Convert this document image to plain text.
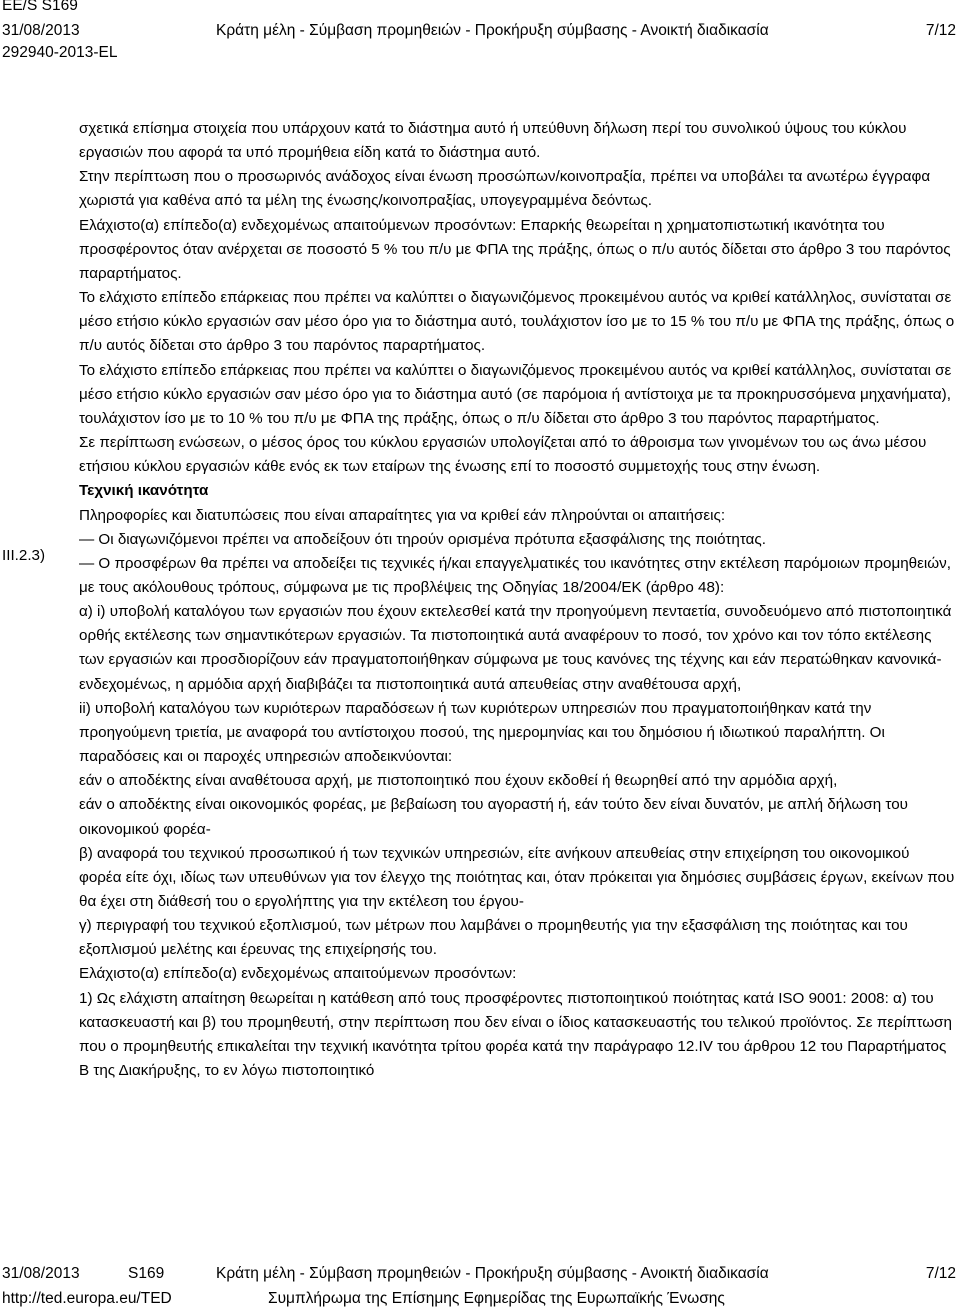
EE/S S169
31/08/2013
292940-2013-EL
Κράτη μέλη - Σύμβαση προμηθειών - Προκήρυξη σύμβασης - Ανοικτή διαδικασία	7/12
III.2.3)

σχετικά επίσημα στοιχεία που υπάρχουν κατά το διάστημα αυτό ή υπεύθυνη δήλωση περί του συνολικού ύψους του κύκλου εργασιών που αφορά τα υπό προμήθεια είδη κατά το διάστημα αυτό.

Στην περίπτωση που ο προσωρινός ανάδοχος είναι ένωση προσώπων/κοινοπραξία, πρέπει να υποβάλει τα ανωτέρω έγγραφα χωριστά για καθένα από τα μέλη της ένωσης/κοινοπραξίας, υπογεγραμμένα δεόντως.

Ελάχιστο(α) επίπεδο(α) ενδεχομένως απαιτούμενων προσόντων: Επαρκής θεωρείται η χρηματοπιστωτική ικανότητα του προσφέροντος όταν ανέρχεται σε ποσοστό 5 % του π/υ με ΦΠΑ της πράξης, όπως ο π/υ αυτός δίδεται στο άρθρο 3 του παρόντος παραρτήματος.

Το ελάχιστο επίπεδο επάρκειας που πρέπει να καλύπτει ο διαγωνιζόμενος προκειμένου αυτός να κριθεί κατάλληλος, συνίσταται σε μέσο ετήσιο κύκλο εργασιών σαν μέσο όρο για το διάστημα αυτό, τουλάχιστον ίσο με το 15 % του π/υ με ΦΠΑ της πράξης, όπως ο π/υ αυτός δίδεται στο άρθρο 3 του παρόντος παραρτήματος.

Το ελάχιστο επίπεδο επάρκειας που πρέπει να καλύπτει ο διαγωνιζόμενος προκειμένου αυτός να κριθεί κατάλληλος, συνίσταται σε μέσο ετήσιο κύκλο εργασιών σαν μέσο όρο για το διάστημα αυτό (σε παρόμοια ή αντίστοιχα με τα προκηρυσσόμενα μηχανήματα), τουλάχιστον ίσο με το 10 % του π/υ με ΦΠΑ της πράξης, όπως ο π/υ δίδεται στο άρθρο 3 του παρόντος παραρτήματος.

Σε περίπτωση ενώσεων, ο μέσος όρος του κύκλου εργασιών υπολογίζεται από το άθροισμα των γινομένων του ως άνω μέσου ετήσιου κύκλου εργασιών κάθε ενός εκ των εταίρων της ένωσης επί το ποσοστό συμμετοχής τους στην ένωση.

Τεχνική ικανότητα

Πληροφορίες και διατυπώσεις που είναι απαραίτητες για να κριθεί εάν πληρούνται οι απαιτήσεις:

— Οι διαγωνιζόμενοι πρέπει να αποδείξουν ότι τηρούν ορισμένα πρότυπα εξασφάλισης της ποιότητας.

— Ο προσφέρων θα πρέπει να αποδείξει τις τεχνικές ή/και επαγγελματικές του ικανότητες στην εκτέλεση παρόμοιων προμηθειών, με τους ακόλουθους τρόπους, σύμφωνα με τις προβλέψεις της Οδηγίας 18/2004/ΕΚ (άρθρο 48):

α) i) υποβολή καταλόγου των εργασιών που έχουν εκτελεσθεί κατά την προηγούμενη πενταετία, συνοδευόμενο από πιστοποιητικά ορθής εκτέλεσης των σημαντικότερων εργασιών. Τα πιστοποιητικά αυτά αναφέρουν το ποσό, τον χρόνο και τον τόπο εκτέλεσης των εργασιών και προσδιορίζουν εάν πραγματοποιήθηκαν σύμφωνα με τους κανόνες της τέχνης και εάν περατώθηκαν κανονικά- ενδεχομένως, η αρμόδια αρχή διαβιβάζει τα πιστοποιητικά αυτά απευθείας στην αναθέτουσα αρχή,

ii) υποβολή καταλόγου των κυριότερων παραδόσεων ή των κυριότερων υπηρεσιών που πραγματοποιήθηκαν κατά την προηγούμενη τριετία, με αναφορά του αντίστοιχου ποσού, της ημερομηνίας και του δημόσιου ή ιδιωτικού παραλήπτη. Οι παραδόσεις και οι παροχές υπηρεσιών αποδεικνύονται:

εάν ο αποδέκτης είναι αναθέτουσα αρχή, με πιστοποιητικό που έχουν εκδοθεί ή θεωρηθεί από την αρμόδια αρχή,

εάν ο αποδέκτης είναι οικονομικός φορέας, με βεβαίωση του αγοραστή ή, εάν τούτο δεν είναι δυνατόν, με απλή δήλωση του οικονομικού φορέα-

β) αναφορά του τεχνικού προσωπικού ή των τεχνικών υπηρεσιών, είτε ανήκουν απευθείας στην επιχείρηση του οικονομικού φορέα είτε όχι, ιδίως των υπευθύνων για τον έλεγχο της ποιότητας και, όταν πρόκειται για δημόσιες συμβάσεις έργων, εκείνων που θα έχει στη διάθεσή του ο εργολήπτης για την εκτέλεση του έργου-

γ) περιγραφή του τεχνικού εξοπλισμού, των μέτρων που λαμβάνει ο προμηθευτής για την εξασφάλιση της ποιότητας και του εξοπλισμού μελέτης και έρευνας της επιχείρησής του.

Ελάχιστο(α) επίπεδο(α) ενδεχομένως απαιτούμενων προσόντων:

1) Ως ελάχιστη απαίτηση θεωρείται η κατάθεση από τους προσφέροντες πιστοποιητικού ποιότητας κατά ISO 9001: 2008: α) του κατασκευαστή και β) του προμηθευτή, στην περίπτωση που δεν είναι ο ίδιος κατασκευαστής του τελικού προϊόντος. Σε περίπτωση που ο προμηθευτής επικαλείται την τεχνική ικανότητα τρίτου φορέα κατά την παράγραφο 12.IV του άρθρου 12 του Παραρτήματος Β της Διακήρυξης, το εν λόγω πιστοποιητικό

31/08/2013	S169	Κράτη μέλη - Σύμβαση προμηθειών - Προκήρυξη σύμβασης - Ανοικτή διαδικασία	7/12
http://ted.europa.eu/TED	Συμπλήρωμα της Επίσημης Εφημερίδας της Ευρωπαϊκής Ένωσης
